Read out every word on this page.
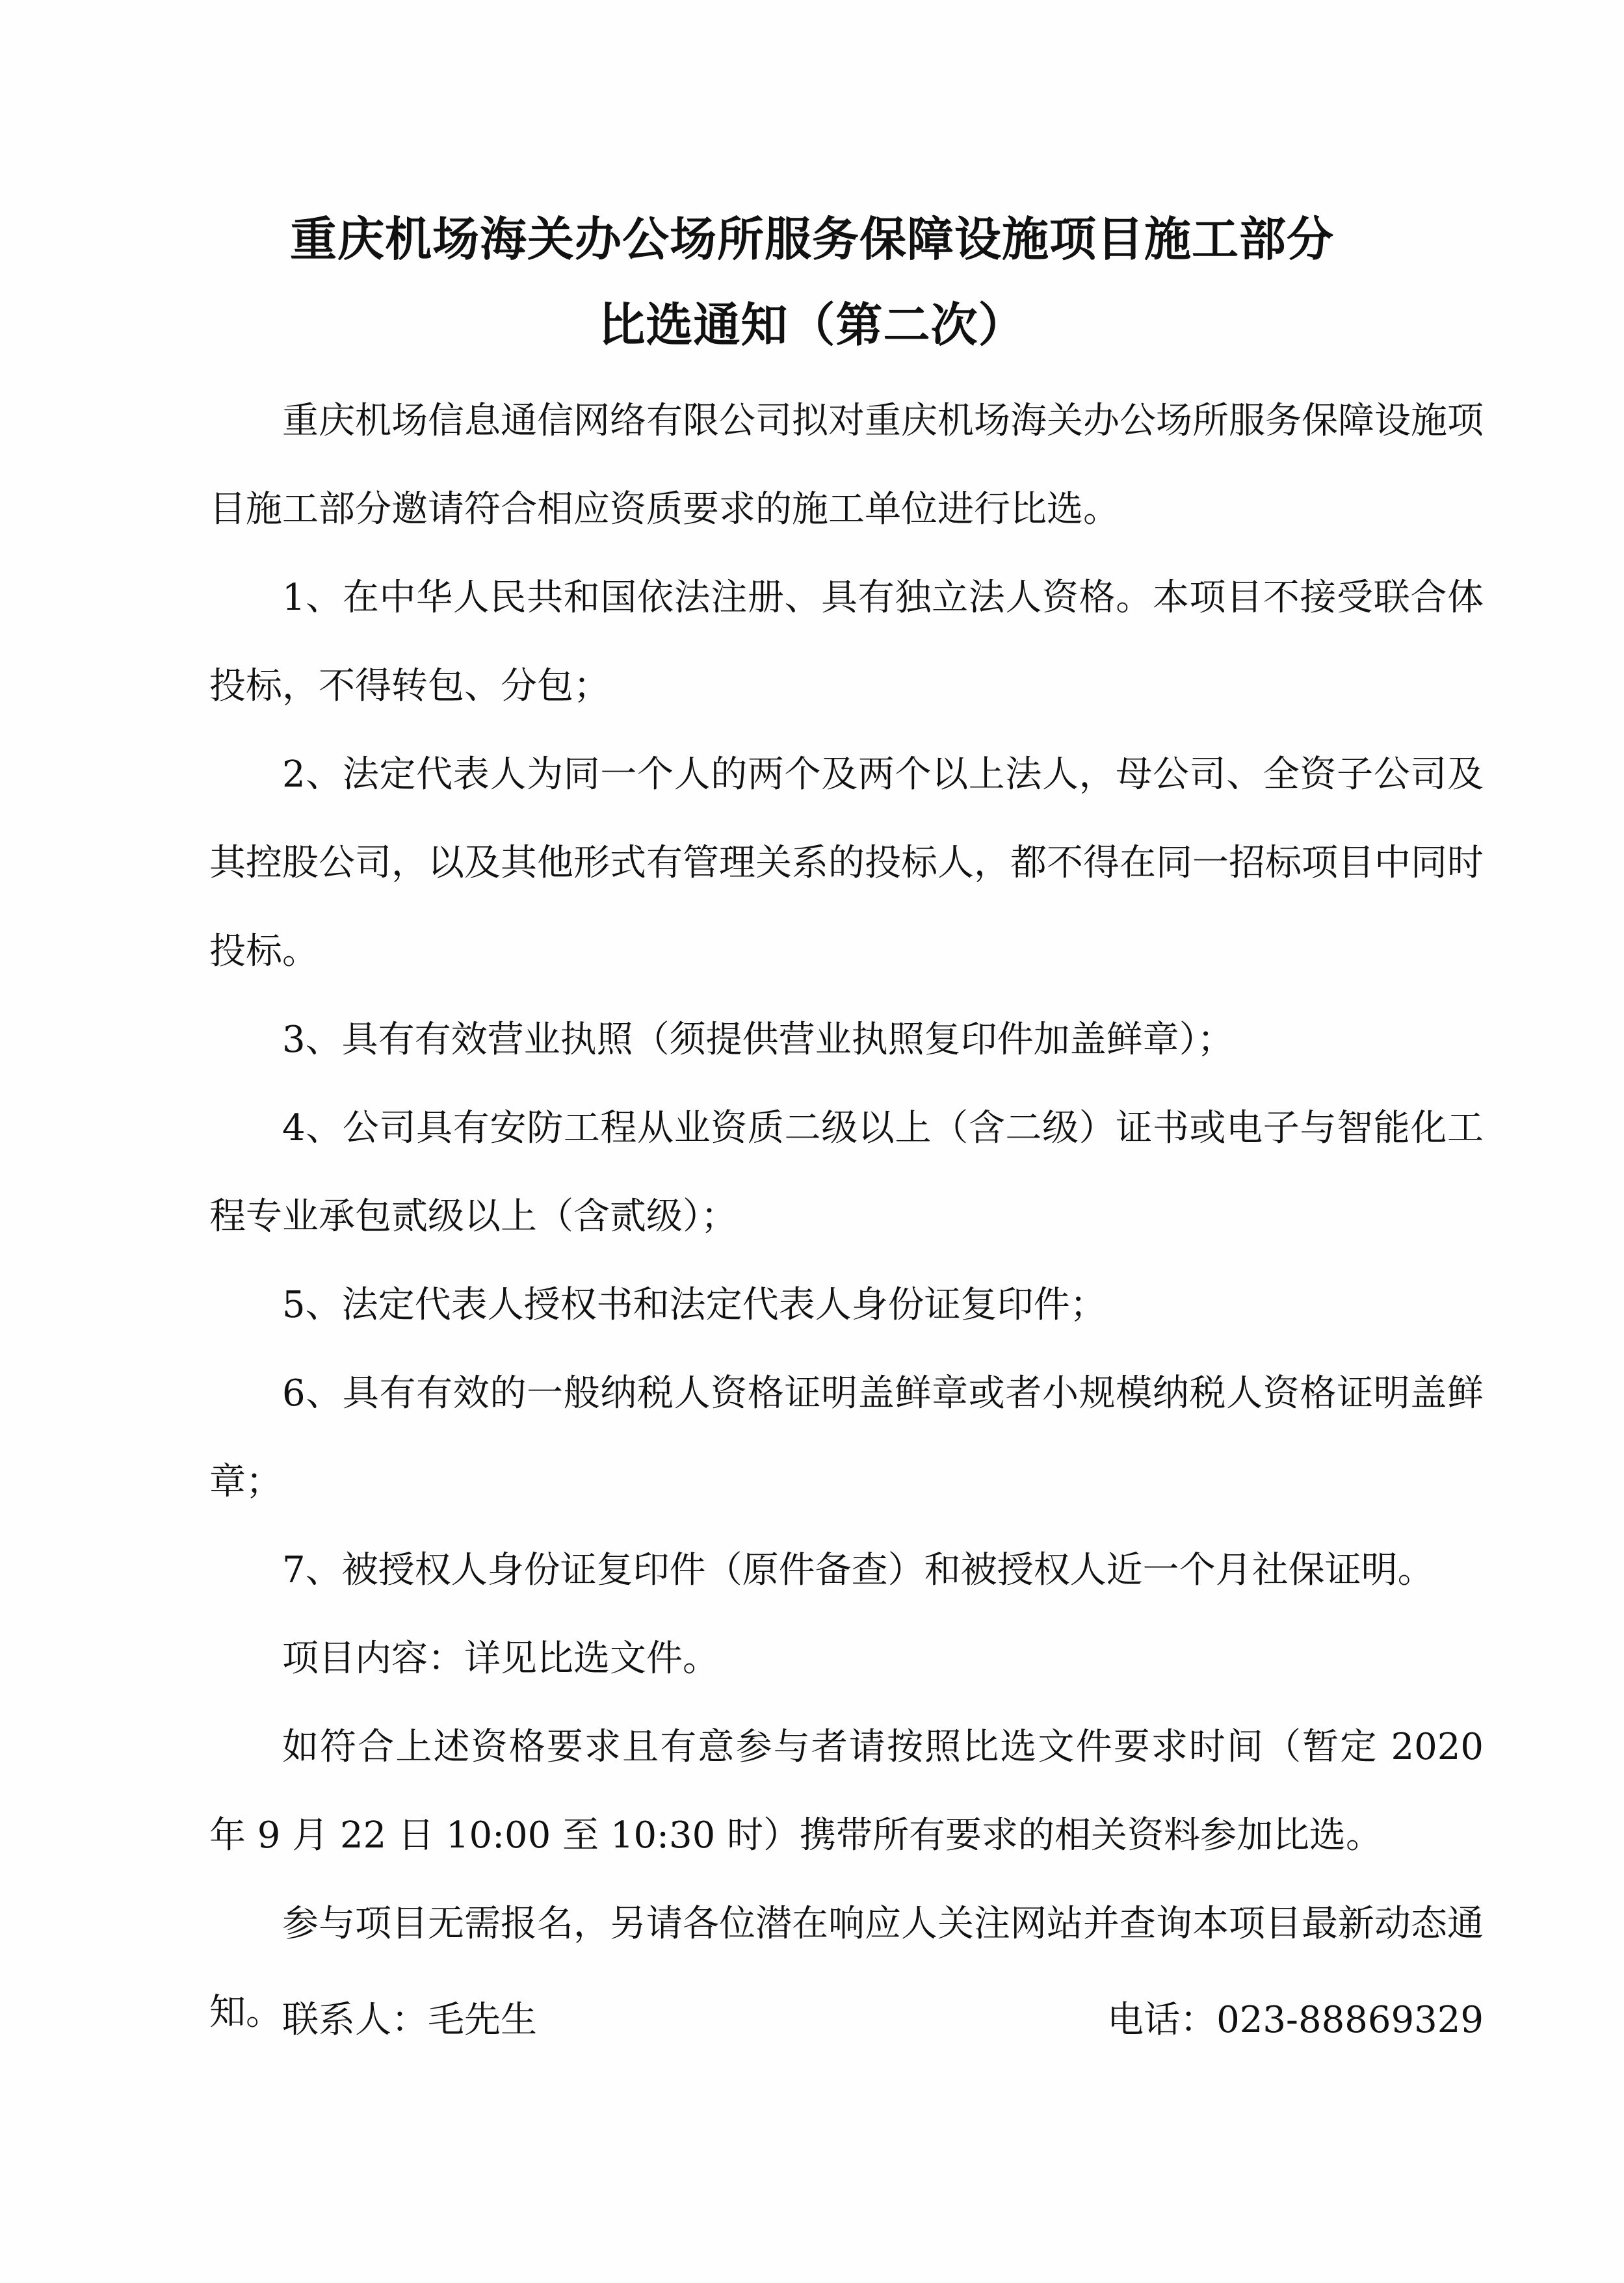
重庆机场海关办公场所服务保障设施项目施工部分
比选通知（第二次）

重庆机场信息通信网络有限公司拟对重庆机场海关办公场所服务保障设施项目施工部分邀请符合相应资质要求的施工单位进行比选。

1、在中华人民共和国依法注册、具有独立法人资格。本项目不接受联合体投标，不得转包、分包；

2、法定代表人为同一个人的两个及两个以上法人，母公司、全资子公司及其控股公司，以及其他形式有管理关系的投标人，都不得在同一招标项目中同时投标。

3、具有有效营业执照（须提供营业执照复印件加盖鲜章）；

4、公司具有安防工程从业资质二级以上（含二级）证书或电子与智能化工程专业承包贰级以上（含贰级）；

5、法定代表人授权书和法定代表人身份证复印件；

6、具有有效的一般纳税人资格证明盖鲜章或者小规模纳税人资格证明盖鲜章；

7、被授权人身份证复印件（原件备查）和被授权人近一个月社保证明。

项目内容：详见比选文件。

如符合上述资格要求且有意参与者请按照比选文件要求时间（暂定 2020 年 9 月 22 日 10:00 至 10:30 时）携带所有要求的相关资料参加比选。

参与项目无需报名，另请各位潜在响应人关注网站并查询本项目最新动态通知。 联系人：毛先生	电话：023-88869329
